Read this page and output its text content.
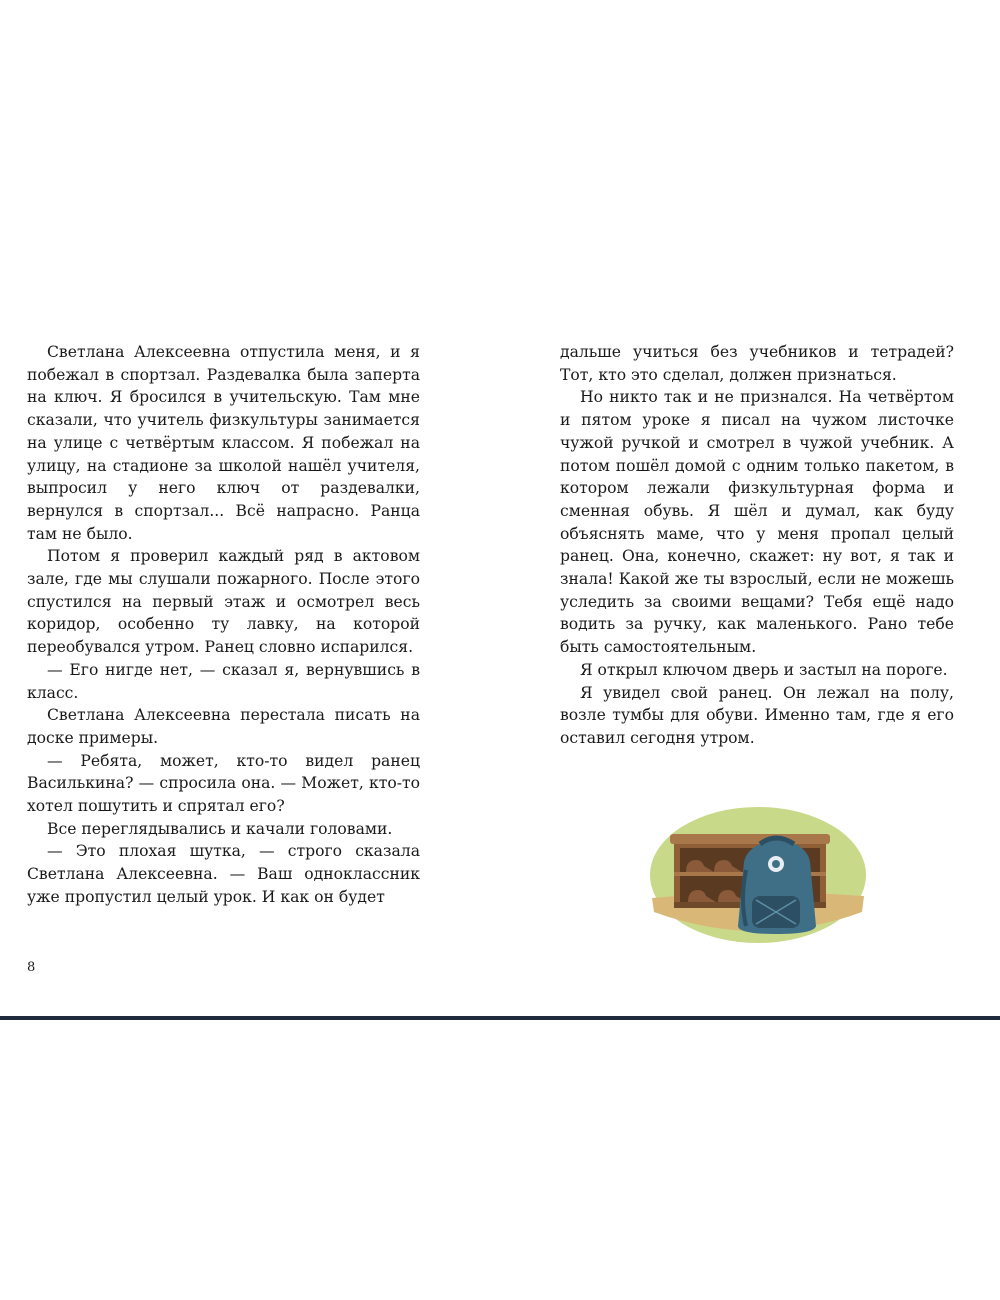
Светлана Алексеевна отпустила меня, и я побежал в спортзал. Раздевалка была заперта на ключ. Я бросился в учительскую. Там мне сказали, что учитель физкультуры занимается на улице с четвёртым классом. Я побежал на улицу, на стадионе за школой нашёл учителя, выпросил у него ключ от раздевалки, вернулся в спортзал... Всё напрасно. Ранца там не было.

Потом я проверил каждый ряд в актовом зале, где мы слушали пожарного. После этого спустился на первый этаж и осмотрел весь коридор, особенно ту лавку, на которой переобувался утром. Ранец словно испарился.

— Его нигде нет, — сказал я, вернувшись в класс.

Светлана Алексеевна перестала писать на доске примеры.

— Ребята, может, кто-то видел ранец Василькина? — спросила она. — Может, кто-то хотел пошутить и спрятал его?

Все переглядывались и качали головами.

— Это плохая шутка, — строго сказала Светлана Алексеевна. — Ваш одноклассник уже пропустил целый урок. И как он будет

8

дальше учиться без учебников и тетрадей? Тот, кто это сделал, должен признаться.

Но никто так и не признался. На четвёртом и пятом уроке я писал на чужом листочке чужой ручкой и смотрел в чужой учебник. А потом пошёл домой с одним только пакетом, в котором лежали физкультурная форма и сменная обувь. Я шёл и думал, как буду объяснять маме, что у меня пропал целый ранец. Она, конечно, скажет: ну вот, я так и знала! Какой же ты взрослый, если не можешь уследить за своими вещами? Тебя ещё надо водить за ручку, как маленького. Рано тебе быть самостоятельным.

Я открыл ключом дверь и застыл на пороге.

Я увидел свой ранец. Он лежал на полу, возле тумбы для обуви. Именно там, где я его оставил сегодня утром.
